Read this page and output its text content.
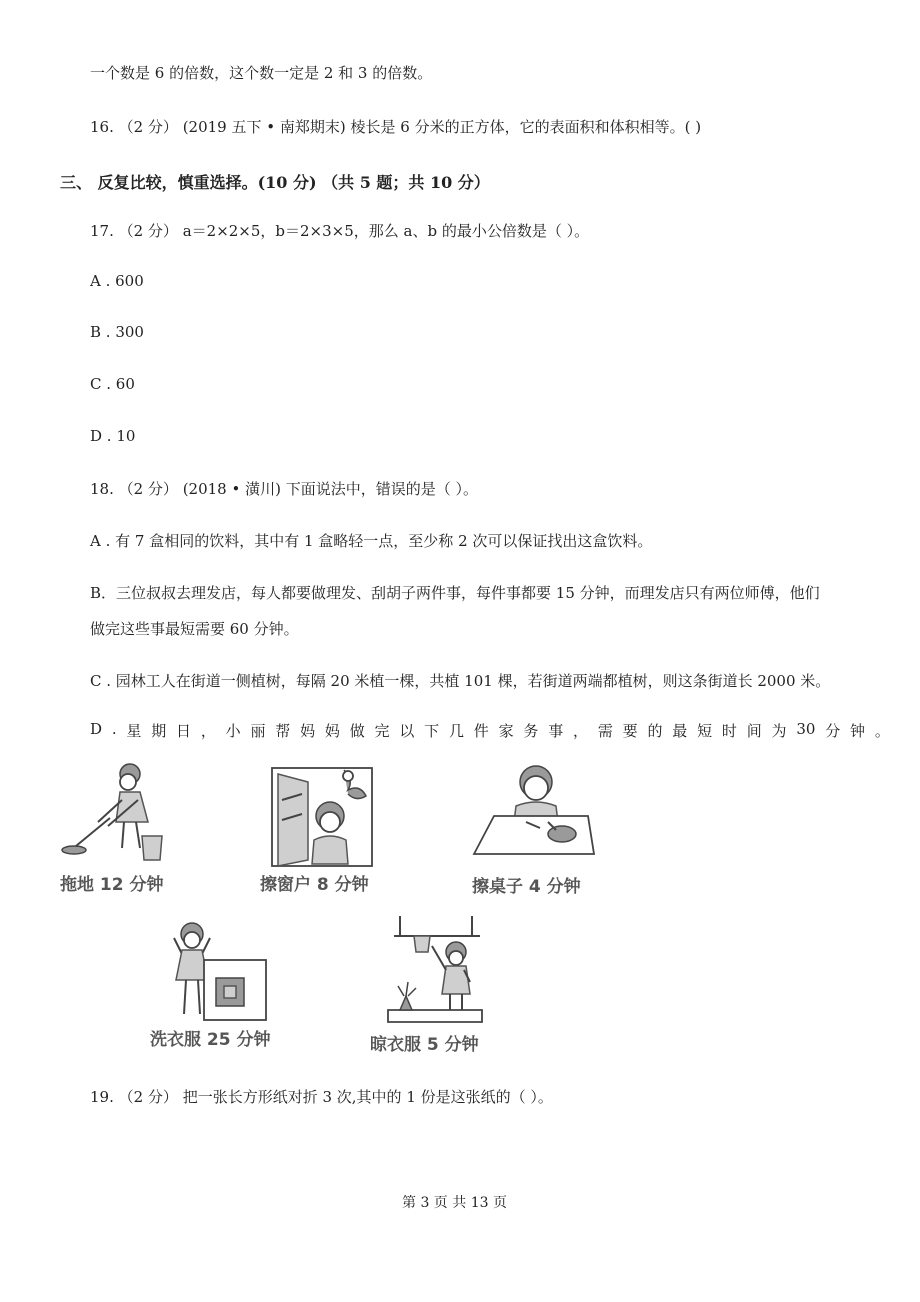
一个数是 6 的倍数，这个数一定是 2 和 3 的倍数。
16. （2 分） (2019 五下 • 南郑期末) 棱长是 6 分米的正方体，它的表面积和体积相等。( )
三、 反复比较，慎重选择。(10 分) （共 5 题；共 10 分）
17. （2 分） a＝2×2×5，b＝2×3×5，那么 a、b 的最小公倍数是（ ）。
A . 600
B . 300
C . 60
D . 10
18. （2 分） (2018 • 潢川) 下面说法中，错误的是（ ）。
A . 有 7 盒相同的饮料，其中有 1 盒略轻一点，至少称 2 次可以保证找出这盒饮料。
B．三位叔叔去理发店，每人都要做理发、刮胡子两件事，每件事都要 15 分钟，而理发店只有两位师傅，他们
做完这些事最短需要 60 分钟。
C . 园林工人在街道一侧植树，每隔 20 米植一棵，共植 101 棵，若街道两端都植树，则这条街道长 2000 米。
D . 星 期 日 ， 小 丽 帮 妈 妈 做 完 以 下 几 件 家 务 事 ， 需 要 的 最 短 时 间 为 30 分 钟 。
拖地 12 分钟	擦窗户 8 分钟	擦桌子 4 分钟
洗衣服 25 分钟	晾衣服 5 分钟
19. （2 分） 把一张长方形纸对折 3 次,其中的 1 份是这张纸的（ ）。
第 3 页 共 13 页
